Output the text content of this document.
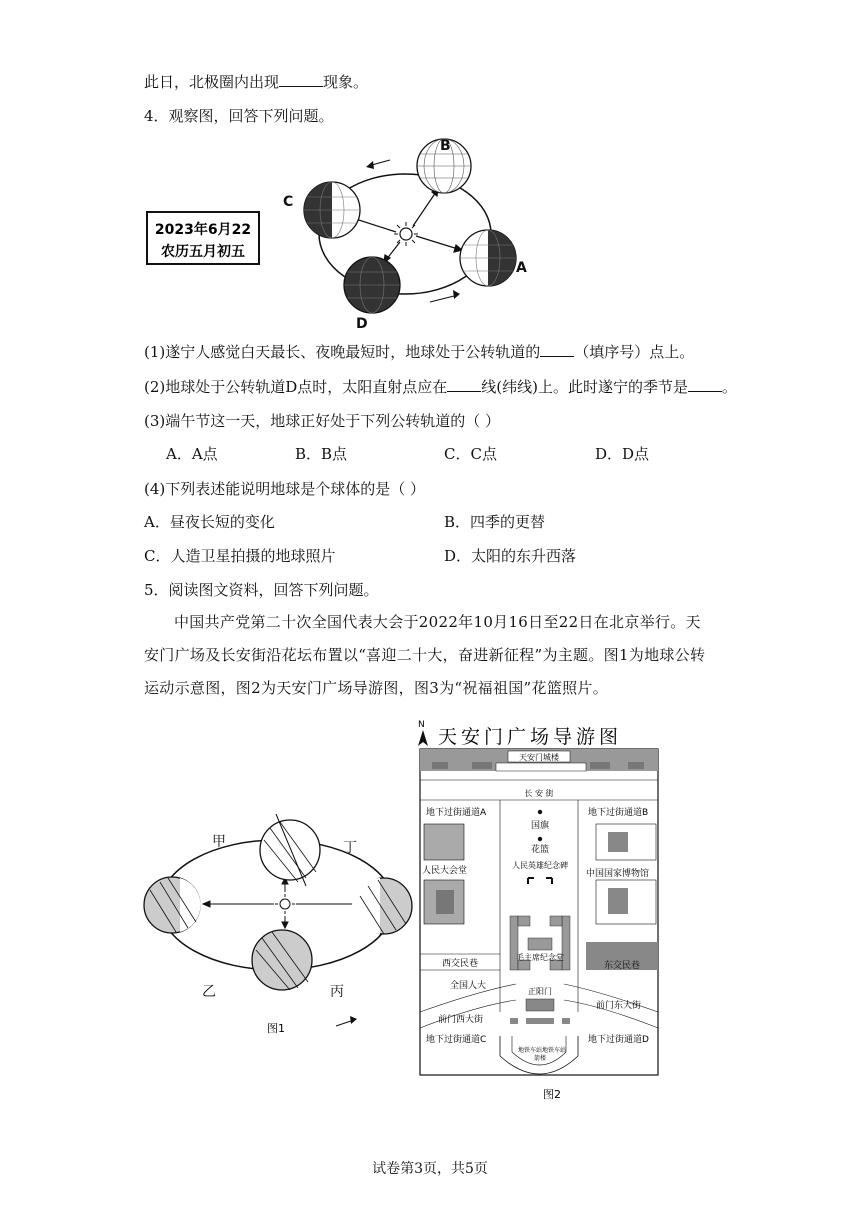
此日，北极圈内出现	现象。
4．观察图，回答下列问题。
2023年6月22
农历五月初五
A
B
C
D
(1)遂宁人感觉白天最长、夜晚最短时，地球处于公转轨道的 （填序号）点上。
(2)地球处于公转轨道D点时，太阳直射点应在 线(纬线)上。此时遂宁的季节是 。
(3)端午节这一天，地球正好处于下列公转轨道的（ ）
A．A点	B．B点	C．C点	D．D点
(4)下列表述能说明地球是个球体的是（ ）
A．昼夜长短的变化	B．四季的更替
C．人造卫星拍摄的地球照片	D．太阳的东升西落
5．阅读图文资料，回答下列问题。
中国共产党第二十次全国代表大会于2022年10月16日至22日在北京举行。天安门广场及长安街沿花坛布置以“喜迎二十大，奋进新征程”为主题。图1为地球公转运动示意图，图2为天安门广场导游图，图3为“祝福祖国”花篮照片。
甲
乙	丙
丁
图1
N
天安门广场导游图
天安门城楼
长 安 街
地下过街通道A	地下过街通道B
人民大会堂	中国国家博物馆
国旗
花篮
人民英雄纪念碑
毛主席纪念堂
西交民巷	东交民巷
全国人大
前门西大街
前门东大街
正阳门
地下过街通道C	地下过街通道D
地铁车站 地铁车站
箭楼
图2
试卷第3页，共5页
